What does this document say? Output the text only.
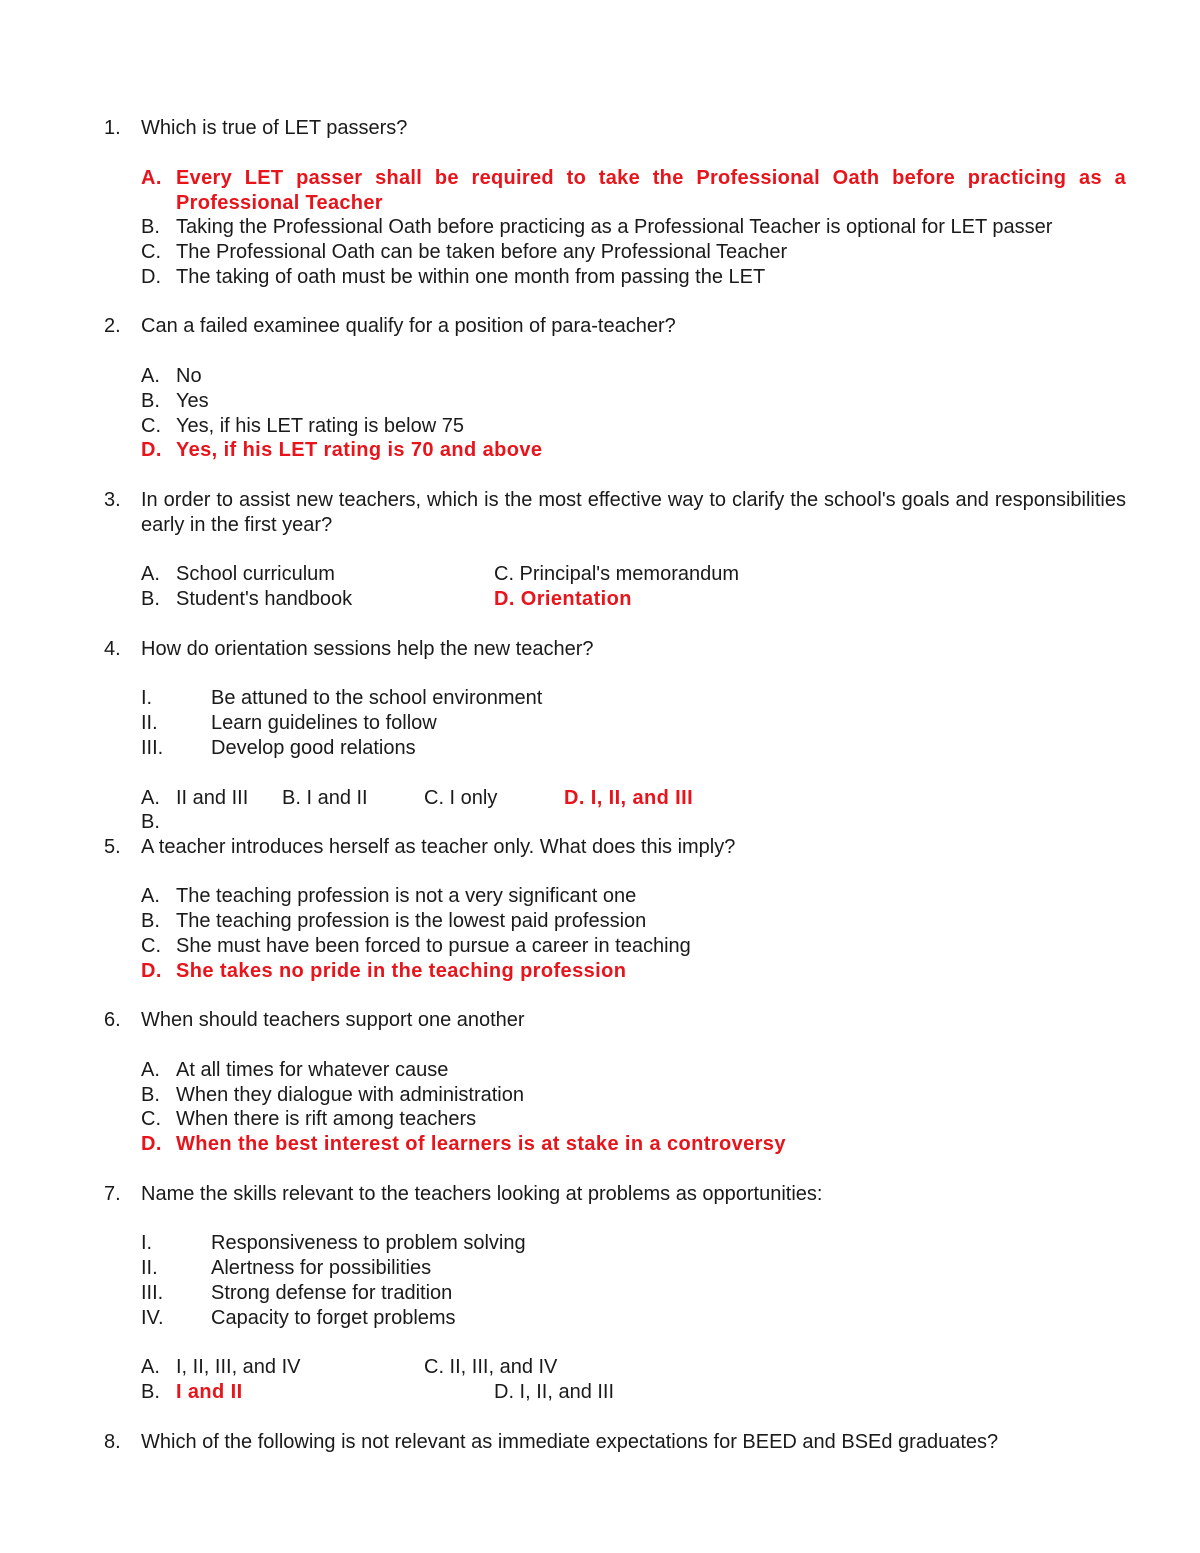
1.	Which is true of LET passers?
A. Every LET passer shall be required to take the Professional Oath before practicing as a Professional Teacher
B. Taking the Professional Oath before practicing as a Professional Teacher is optional for LET passer
C. The Professional Oath can be taken before any Professional Teacher
D. The taking of oath must be within one month from passing the LET
2.	Can a failed examinee qualify for a position of para-teacher?
A. No
B. Yes
C. Yes, if his LET rating is below 75
D. Yes, if his LET rating is 70 and above
3.	In order to assist new teachers, which is the most effective way to clarify the school's goals and responsibilities early in the first year?
A. School curriculum	C. Principal's memorandum
B. Student's handbook	D. Orientation
4.	How do orientation sessions help the new teacher?
I.	Be attuned to the school environment
II.	Learn guidelines to follow
III.	Develop good relations
A. II and III B. I and II	C. I only	D. I, II, and III
B.
5.	A teacher introduces herself as teacher only. What does this imply?
A. The teaching profession is not a very significant one
B. The teaching profession is the lowest paid profession
C. She must have been forced to pursue a career in teaching
D. She takes no pride in the teaching profession
6.	When should teachers support one another
A. At all times for whatever cause
B. When they dialogue with administration
C. When there is rift among teachers
D. When the best interest of learners is at stake in a controversy
7.	Name the skills relevant to the teachers looking at problems as opportunities:
I.	Responsiveness to problem solving
II.	Alertness for possibilities
III.	Strong defense for tradition
IV.	Capacity to forget problems
A. I, II, III, and IV	C. II, III, and IV
B. I and II	D. I, II, and III
8.	Which of the following is not relevant as immediate expectations for BEED and BSEd graduates?
